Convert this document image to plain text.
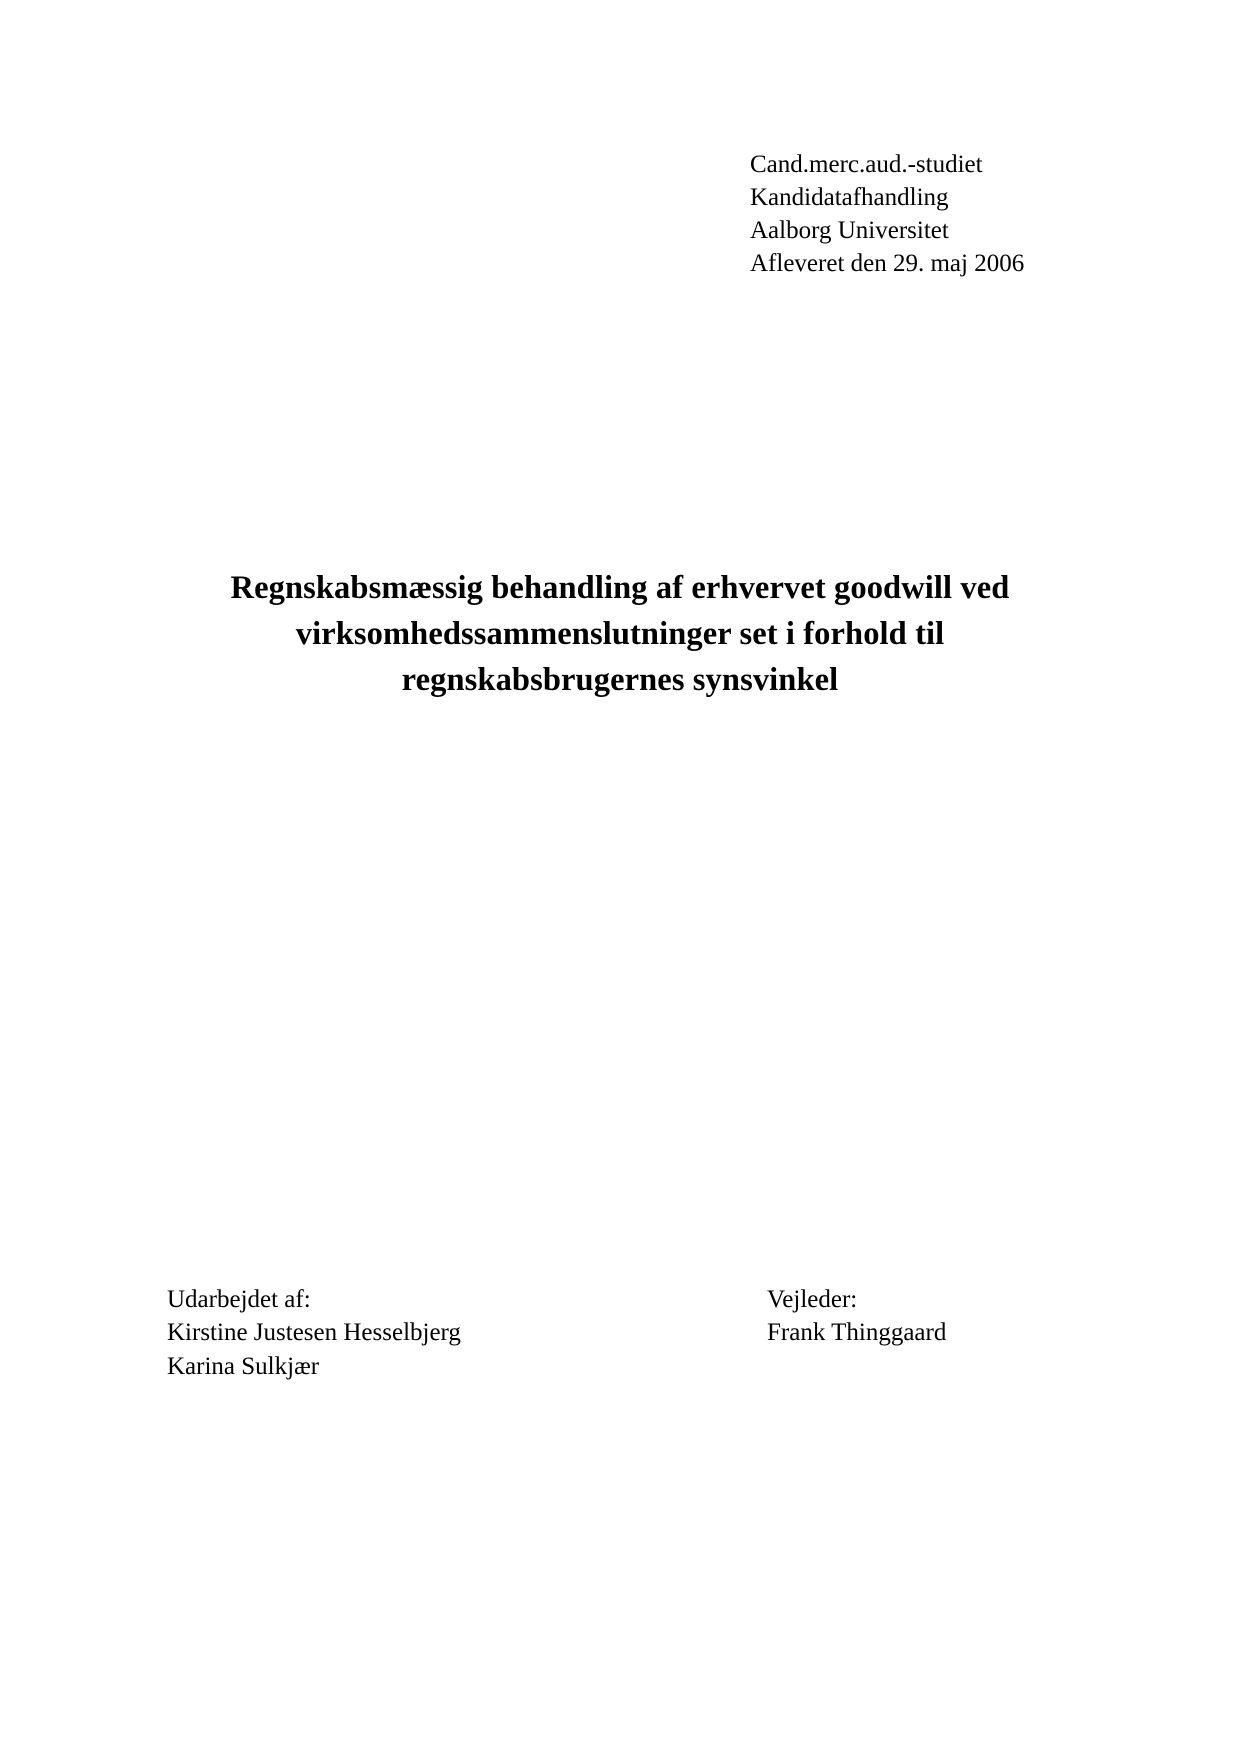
Cand.merc.aud.-studiet
Kandidatafhandling
Aalborg Universitet
Afleveret den 29. maj 2006
Regnskabsmæssig behandling af erhvervet goodwill ved virksomhedssammenslutninger set i forhold til regnskabsbrugernes synsvinkel
Udarbejdet af:
Kirstine Justesen Hesselbjerg
Karina Sulkjær
Vejleder:
Frank Thinggaard
